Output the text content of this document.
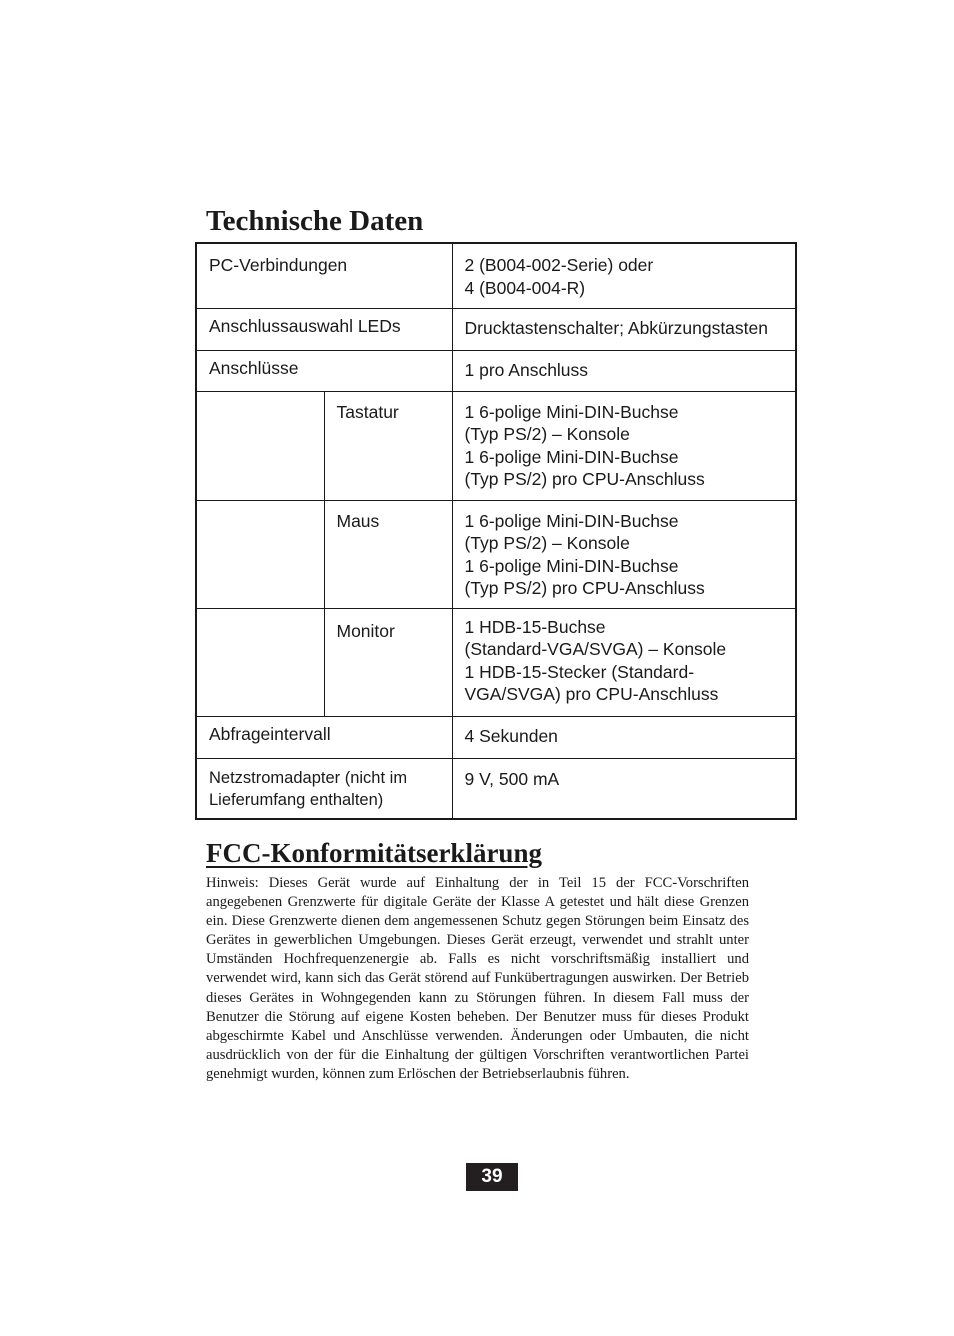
Technische Daten
PC-Verbindungen		2 (B004-002-Serie) oder
4 (B004-004-R)

Anschlussauswahl LEDs		Drucktastenschalter; Abkürzungstasten

Anschlüsse		1 pro Anschluss

	Tastatur	1 6-polige Mini-DIN-Buchse
(Typ PS/2) – Konsole
1 6-polige Mini-DIN-Buchse
(Typ PS/2) pro CPU-Anschluss

	Maus	1 6-polige Mini-DIN-Buchse
(Typ PS/2) – Konsole
1 6-polige Mini-DIN-Buchse
(Typ PS/2) pro CPU-Anschluss

	Monitor	1 HDB-15-Buchse
(Standard-VGA/SVGA) – Konsole
1 HDB-15-Stecker (Standard-
VGA/SVGA) pro CPU-Anschluss

Abfrageintervall		4 Sekunden

Netzstromadapter (nicht im
Lieferumfang enthalten)		9 V, 500 mA
FCC-Konformitätserklärung

Hinweis: Dieses Gerät wurde auf Einhaltung der in Teil 15 der FCC-Vorschriften angegebenen Grenzwerte für digitale Geräte der Klasse A getestet und hält diese Grenzen ein. Diese Grenzwerte dienen dem angemessenen Schutz gegen Störungen beim Einsatz des Gerätes in gewerblichen Umgebungen. Dieses Gerät erzeugt, verwendet und strahlt unter Umständen Hochfrequenzenergie ab. Falls es nicht vorschriftsmäßig installiert und verwendet wird, kann sich das Gerät störend auf Funkübertragungen auswirken. Der Betrieb dieses Gerätes in Wohngegenden kann zu Störungen führen. In diesem Fall muss der Benutzer die Störung auf eigene Kosten beheben. Der Benutzer muss für dieses Produkt abgeschirmte Kabel und Anschlüsse verwenden. Änderungen oder Umbauten, die nicht ausdrücklich von der für die Einhaltung der gültigen Vorschriften verantwortlichen Partei genehmigt wurden, können zum Erlöschen der Betriebserlaubnis führen.

39
